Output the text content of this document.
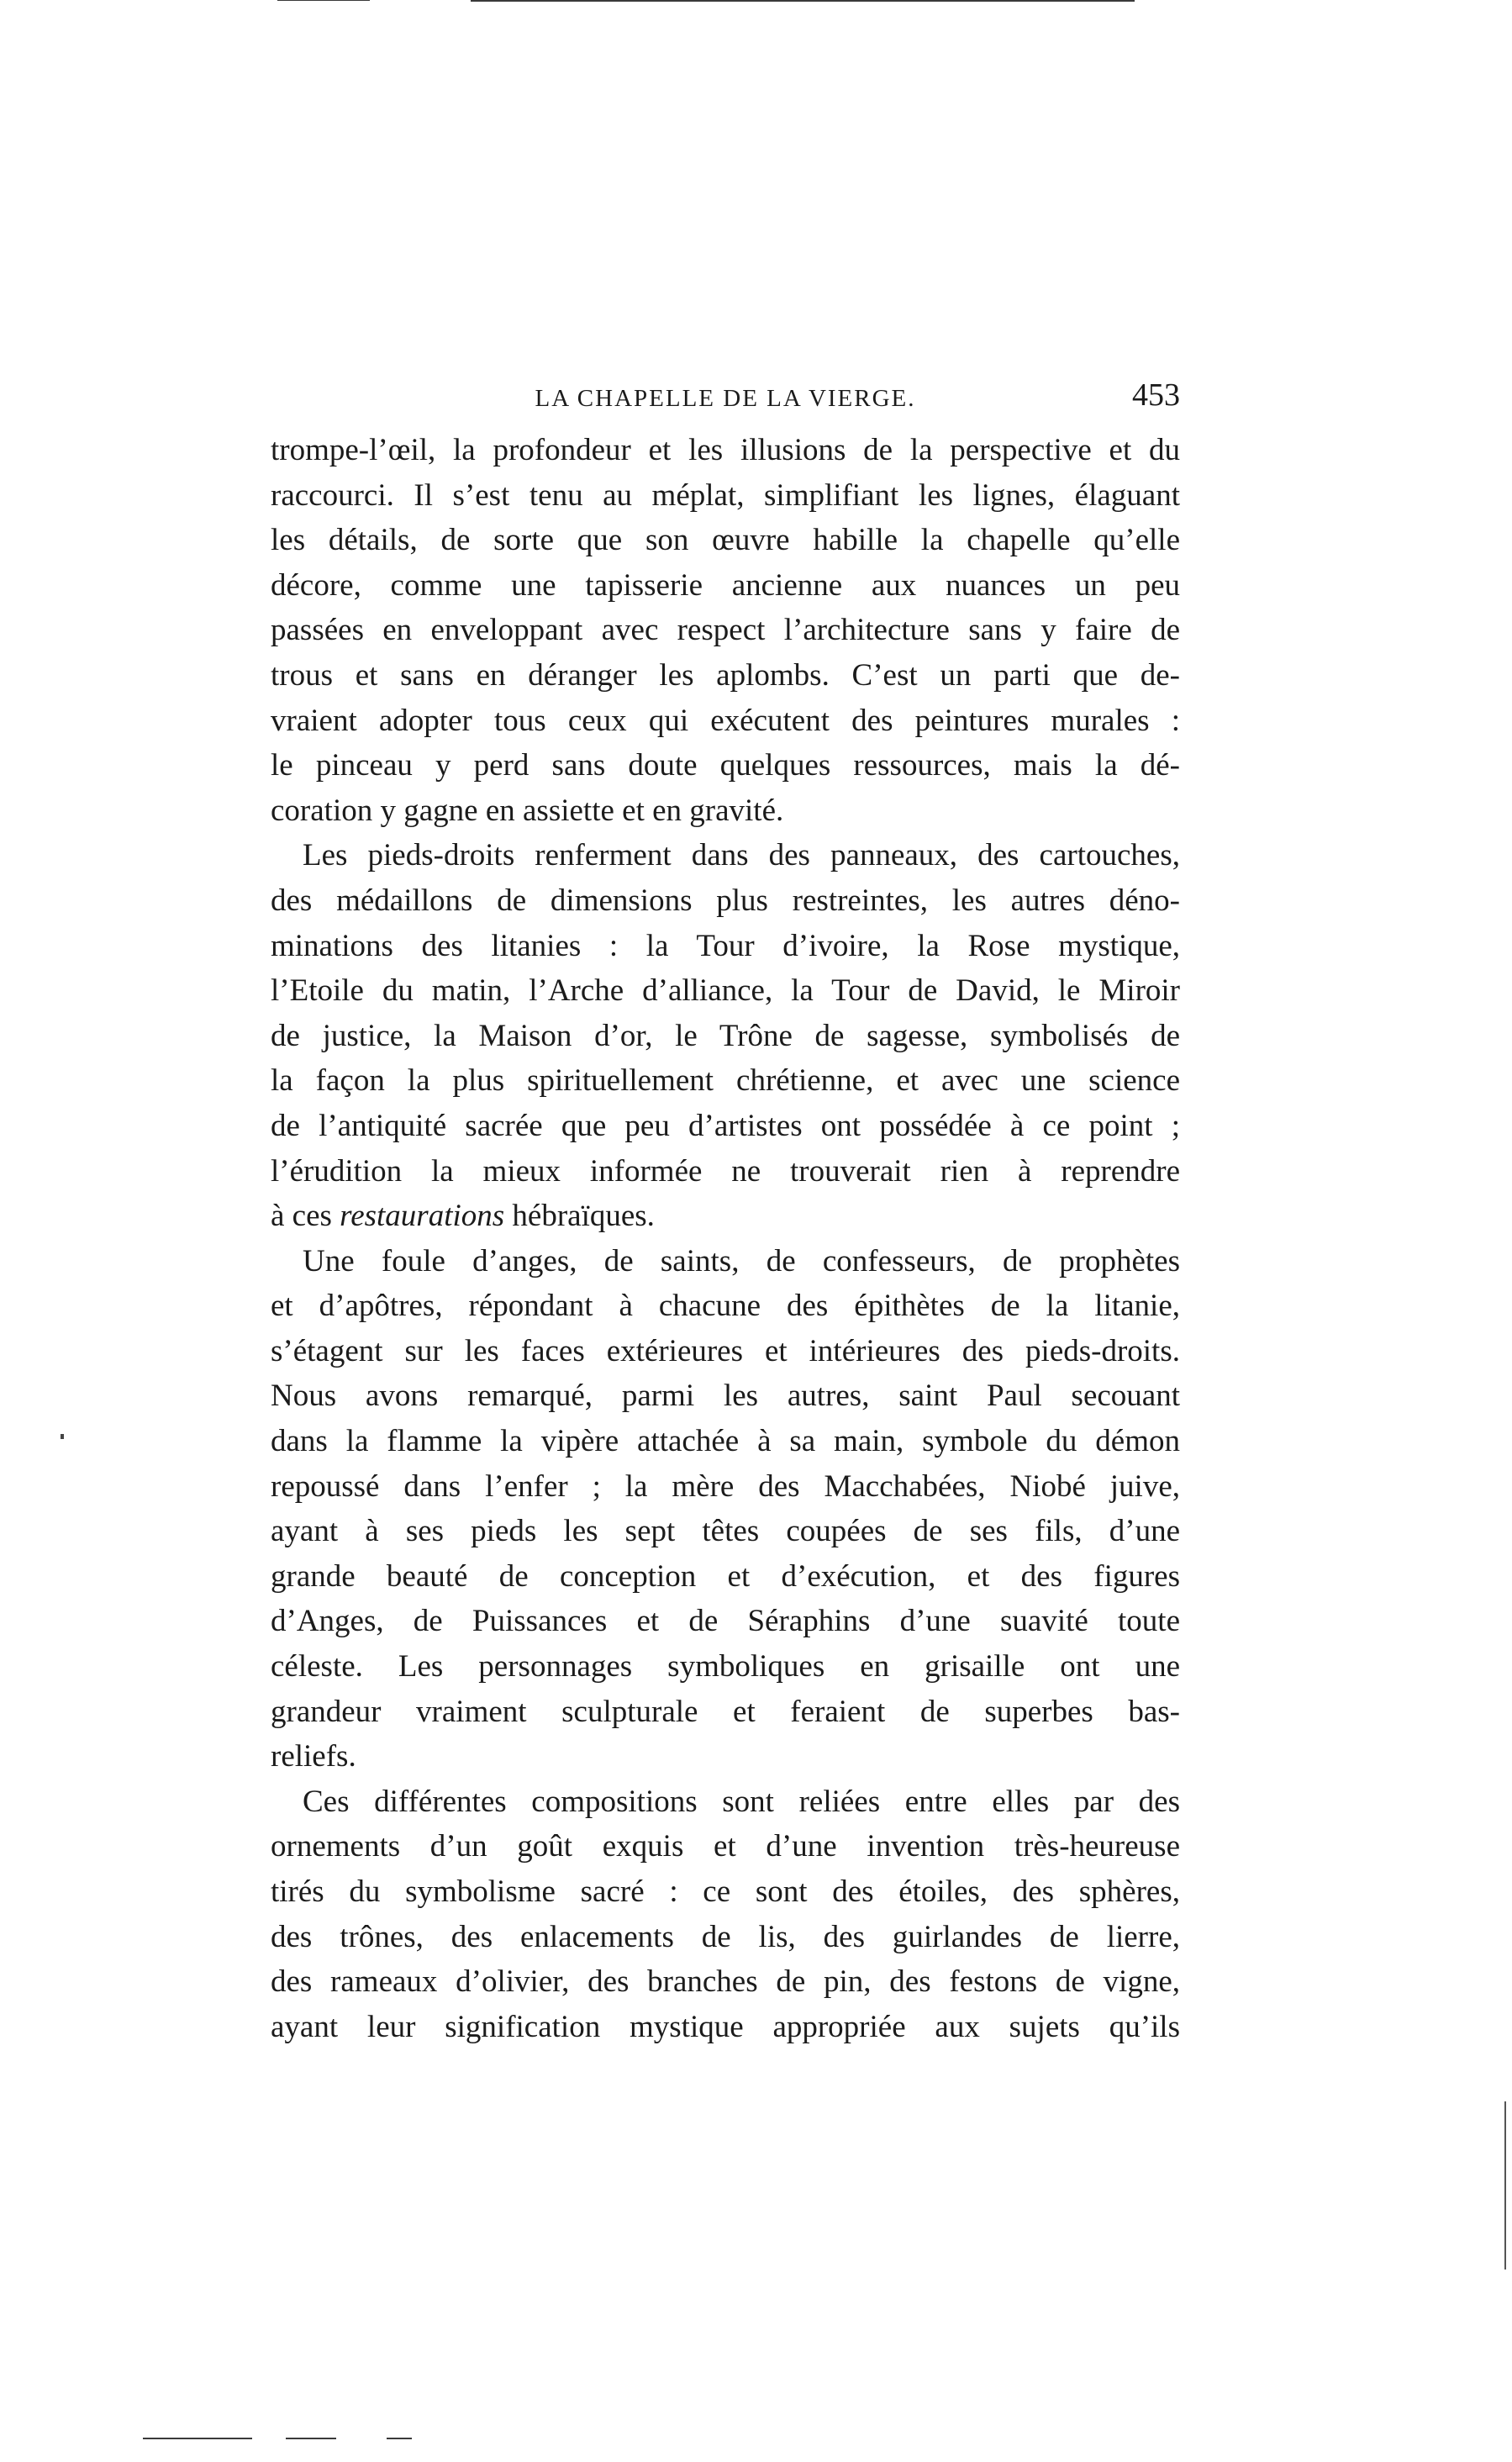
LA CHAPELLE DE LA VIERGE.	453
trompe-l’œil, la profondeur et les illusions de la perspective et du
raccourci. Il s’est tenu au méplat, simplifiant les lignes, élaguant
les détails, de sorte que son œuvre habille la chapelle qu’elle
décore, comme une tapisserie ancienne aux nuances un peu
passées en enveloppant avec respect l’architecture sans y faire de
trous et sans en déranger les aplombs. C’est un parti que de-
vraient adopter tous ceux qui exécutent des peintures murales :
le pinceau y perd sans doute quelques ressources, mais la dé-
coration y gagne en assiette et en gravité.
Les pieds-droits renferment dans des panneaux, des cartouches,
des médaillons de dimensions plus restreintes, les autres déno-
minations des litanies : la Tour d’ivoire, la Rose mystique,
l’Etoile du matin, l’Arche d’alliance, la Tour de David, le Miroir
de justice, la Maison d’or, le Trône de sagesse, symbolisés de
la façon la plus spirituellement chrétienne, et avec une science
de l’antiquité sacrée que peu d’artistes ont possédée à ce point ;
l’érudition la mieux informée ne trouverait rien à reprendre
à ces restaurations hébraïques.
Une foule d’anges, de saints, de confesseurs, de prophètes
et d’apôtres, répondant à chacune des épithètes de la litanie,
s’étagent sur les faces extérieures et intérieures des pieds-droits.
Nous avons remarqué, parmi les autres, saint Paul secouant
dans la flamme la vipère attachée à sa main, symbole du démon
repoussé dans l’enfer ; la mère des Macchabées, Niobé juive,
ayant à ses pieds les sept têtes coupées de ses fils, d’une
grande beauté de conception et d’exécution, et des figures
d’Anges, de Puissances et de Séraphins d’une suavité toute
céleste. Les personnages symboliques en grisaille ont une
grandeur vraiment sculpturale et feraient de superbes bas-
reliefs.
Ces différentes compositions sont reliées entre elles par des
ornements d’un goût exquis et d’une invention très-heureuse
tirés du symbolisme sacré : ce sont des étoiles, des sphères,
des trônes, des enlacements de lis, des guirlandes de lierre,
des rameaux d’olivier, des branches de pin, des festons de vigne,
ayant leur signification mystique appropriée aux sujets qu’ils
